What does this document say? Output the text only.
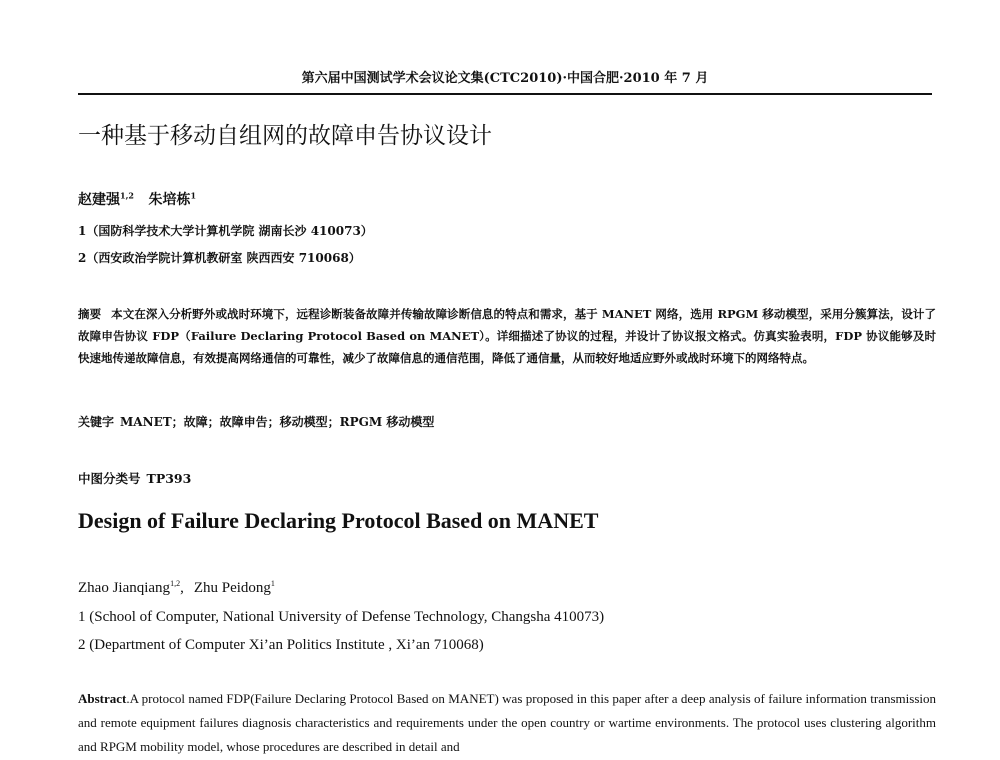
第六届中国测试学术会议论文集(CTC2010)·中国合肥·2010 年 7 月
一种基于移动自组网的故障申告协议设计
赵建强$^{1,2}$ 朱培栋$^1$
1（国防科学技术大学计算机学院 湖南长沙 410073）
2（西安政治学院计算机教研室 陕西西安 710068）
摘要 本文在深入分析野外或战时环境下，远程诊断装备故障并传输故障诊断信息的特点和需求，基于 MANET 网络，选用 RPGM 移动模型，采用分簇算法，设计了故障申告协议 FDP（Failure Declaring Protocol Based on MANET）。详细描述了协议的过程，并设计了协议报文格式。仿真实验表明，FDP 协议能够及时快速地传递故障信息，有效提高网络通信的可靠性，减少了故障信息的通信范围，降低了通信量，从而较好地适应野外或战时环境下的网络特点。
关键字 MANET；故障；故障申告；移动模型；RPGM 移动模型
中图分类号 TP393
Design of Failure Declaring Protocol Based on MANET
Zhao Jianqiang$^{1,2}$, Zhu Peidong$^1$
1 (School of Computer, National University of Defense Technology, Changsha 410073)
2 (Department of Computer Xi’an Politics Institute , Xi’an 710068)
Abstract.A protocol named FDP(Failure Declaring Protocol Based on MANET) was proposed in this paper after a deep analysis of failure information transmission and remote equipment failures diagnosis characteristics and requirements under the open country or wartime environments. The protocol uses clustering algorithm and RPGM mobility model, whose procedures are described in detail and
